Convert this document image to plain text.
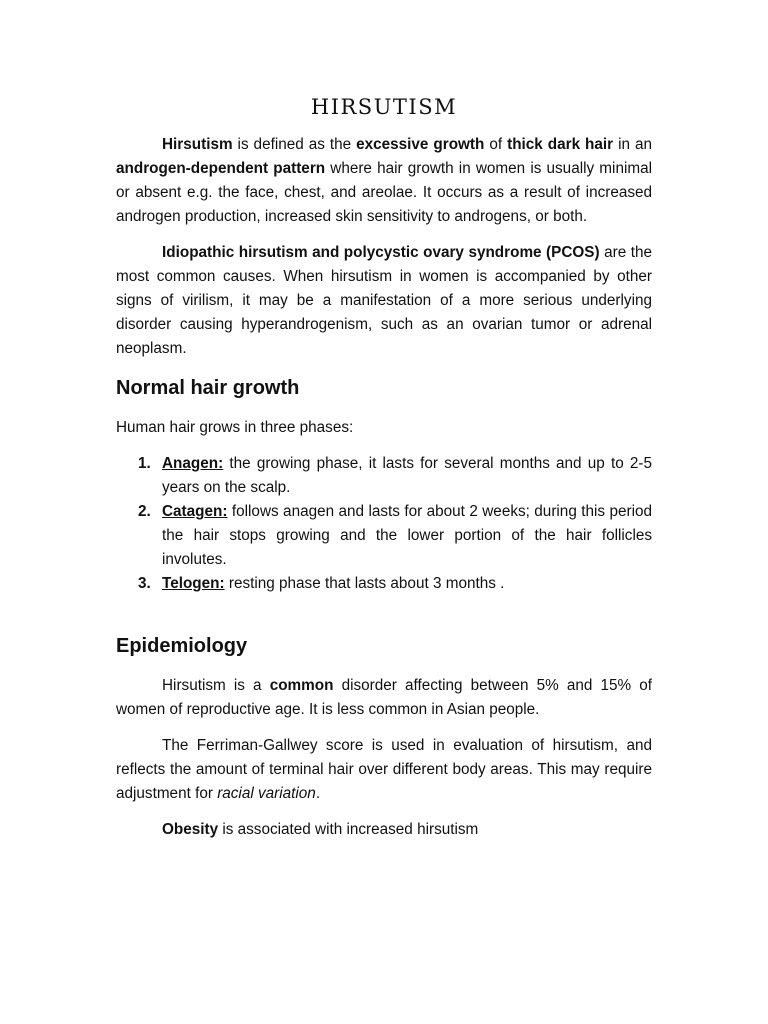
HIRSUTISM

Hirsutism is defined as the excessive growth of thick dark hair in an androgen-dependent pattern where hair growth in women is usually minimal or absent e.g. the face, chest, and areolae. It occurs as a result of increased androgen production, increased skin sensitivity to androgens, or both.

Idiopathic hirsutism and polycystic ovary syndrome (PCOS) are the most common causes. When hirsutism in women is accompanied by other signs of virilism, it may be a manifestation of a more serious underlying disorder causing hyperandrogenism, such as an ovarian tumor or adrenal neoplasm.

Normal hair growth

Human hair grows in three phases:

1. Anagen: the growing phase, it lasts for several months and up to 2-5 years on the scalp.
2. Catagen: follows anagen and lasts for about 2 weeks; during this period the hair stops growing and the lower portion of the hair follicles involutes.
3. Telogen: resting phase that lasts about 3 months .
Epidemiology

Hirsutism is a common disorder affecting between 5% and 15% of women of reproductive age. It is less common in Asian people.

The Ferriman-Gallwey score is used in evaluation of hirsutism, and reflects the amount of terminal hair over different body areas. This may require adjustment for racial variation.

Obesity is associated with increased hirsutism
